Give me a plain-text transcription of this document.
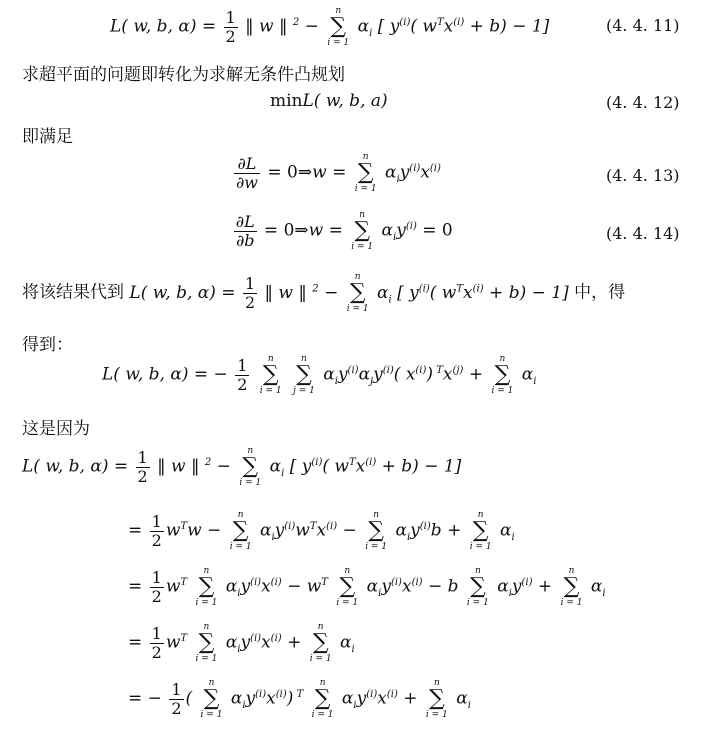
L( w, b, $\alpha) = \frac{1}{2}$ ‖ w ‖ $^2$ −
n
∑
i = 1
$\alpha_i$ [ $y^{(i)}$( $w^Tx^{(i)} + b) - 1$]	(4. 4. 11)
求超平面的问题即转化为求解无条件凸规划
minL( w, b, a)	(4. 4. 12)
即满足
$\frac{\partial L}{\partial w}$ = 0⇒w =
n
∑
i = 1
$\alpha_iy^{(i)}x^{(i)}$	(4. 4. 13)
$\frac{\partial L}{\partial b}$ = 0⇒w =
n
∑
i = 1
$\alpha_iy^{(i)} = 0$	(4. 4. 14)
将该结果代到 L( w, b, $\alpha) = \frac{1}{2}$ ‖ w ‖ $^2$ −
n
∑
i = 1
$\alpha_i$ [ $y^{(i)}$( $w^Tx^{(i)} + b) - 1$] 中，得
得到：
L( w, b, α) = − $\frac{1}{2}$
n
∑
i = 1

n
∑
j = 1
$\alpha_iy^{(i)}\alpha_jy^{(i)}$( $x^{(i)}$) $^Tx^{(j)}$ +
n
∑
i = 1
$\alpha_i$
这是因为
L( w, b, $\alpha) = \frac{1}{2}$ ‖ w ‖ $^2$ −
n
∑
i = 1
$\alpha_i$ [ $y^{(i)}$( $w^Tx^{(i)} + b) - 1$]
= $\frac{1}{2} w^Tw$ −
n
∑
i = 1
$\alpha_iy^{(i)}w^Tx^{(i)}$ −
n
∑
i = 1
$\alpha_iy^{(i)}b$ +
n
∑
i = 1
$\alpha_i$
= $\frac{1}{2} w^T$
n
∑
i = 1
$\alpha_iy^{(i)}x^{(i)} - w^T$
n
∑
i = 1
$\alpha_iy^{(i)}x^{(i)} - b$
n
∑
i = 1
$\alpha_iy^{(i)}$ +
n
∑
i = 1
$\alpha_i$
= $\frac{1}{2} w^T$
n
∑
i = 1
$\alpha_iy^{(i)}x^{(i)}$ +
n
∑
i = 1
$\alpha_i$
= − $\frac{1}{2}$ (
n
∑
i = 1
$\alpha_iy^{(i)}x^{(i)}$) $^T$
n
∑
i = 1
$\alpha_iy^{(i)}x^{(i)}$ +
n
∑
i = 1
$\alpha_i$
